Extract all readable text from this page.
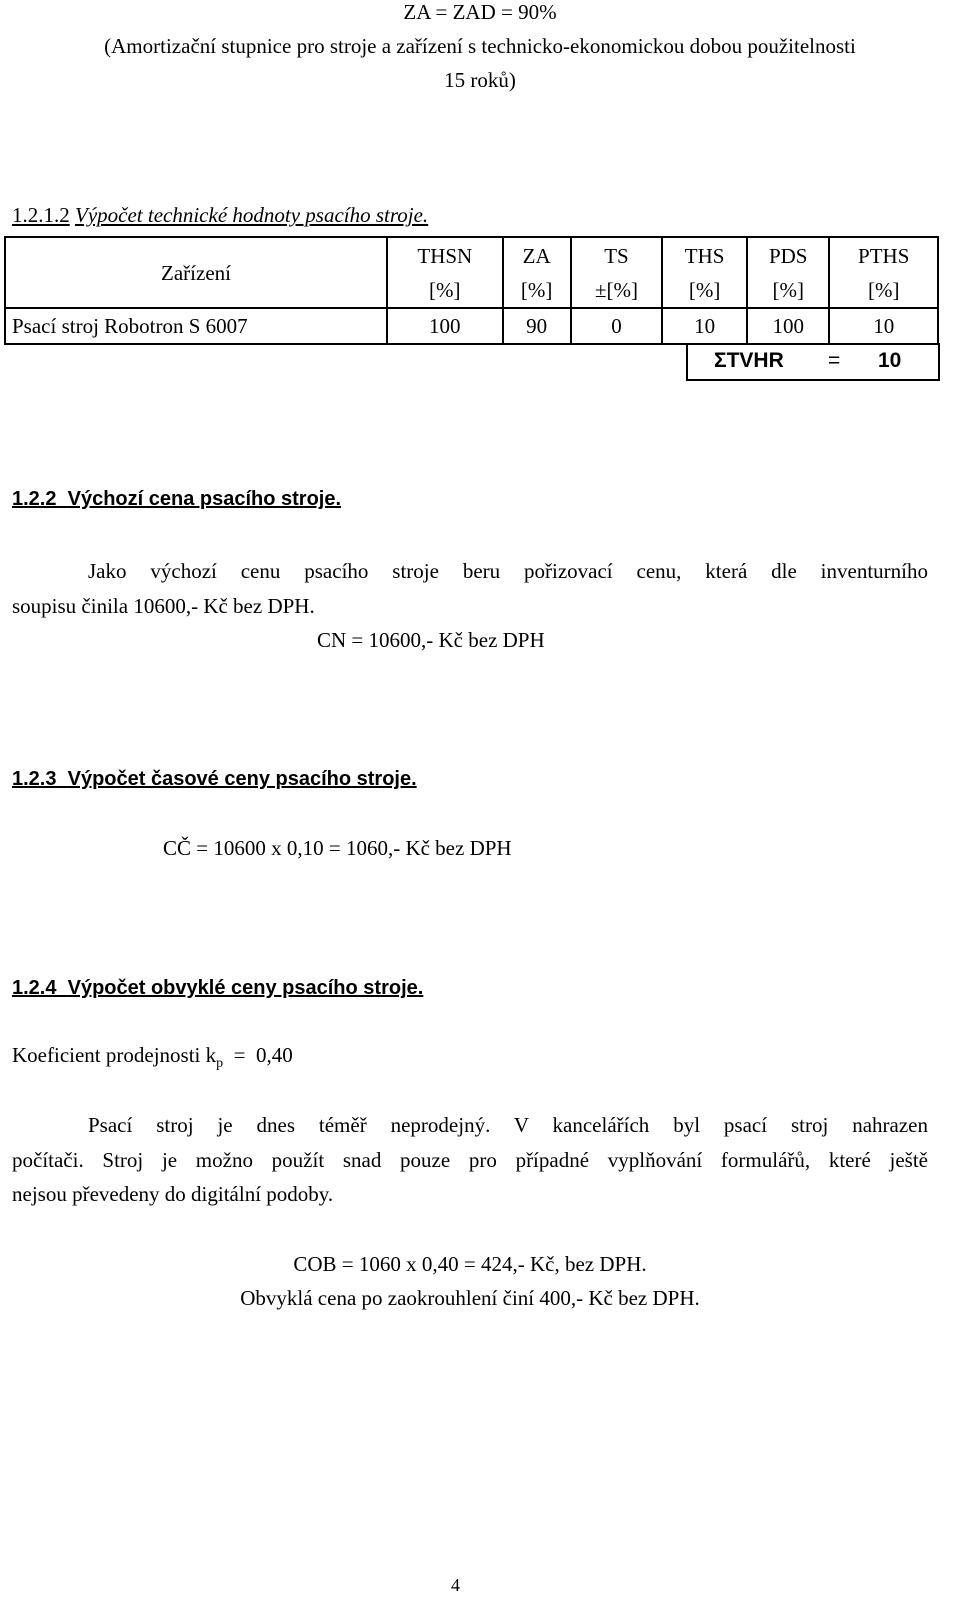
ZA = ZAD = 90%
(Amortizační stupnice pro stroje a zařízení s technicko-ekonomickou dobou použitelnosti
15 roků)
1.2.1.2 Výpočet technické hodnoty psacího stroje.
Zařízení	THSN	ZA	TS	THS	PDS	PTHS
	[%]	[%]	±[%]	[%]	[%]	[%]
Psací stroj Robotron S 6007	100	90	0	10	100	10
ΣTVHR = 10
1.2.2 Výchozí cena psacího stroje.
Jako výchozí cenu psacího stroje beru pořizovací cenu, která dle inventurního
soupisu činila 10600,- Kč bez DPH.
CN = 10600,- Kč bez DPH
1.2.3 Výpočet časové ceny psacího stroje.
CČ = 10600 x 0,10 = 1060,- Kč bez DPH
1.2.4 Výpočet obvyklé ceny psacího stroje.
Koeficient prodejnosti $k_p = 0,40$
Psací stroj je dnes téměř neprodejný. V kancelářích byl psací stroj nahrazen
počítači. Stroj je možno použít snad pouze pro případné vyplňování formulářů, které ještě
nejsou převedeny do digitální podoby.
COB = 1060 x 0,40 = 424,- Kč, bez DPH.
Obvyklá cena po zaokrouhlení činí 400,- Kč bez DPH.
4
